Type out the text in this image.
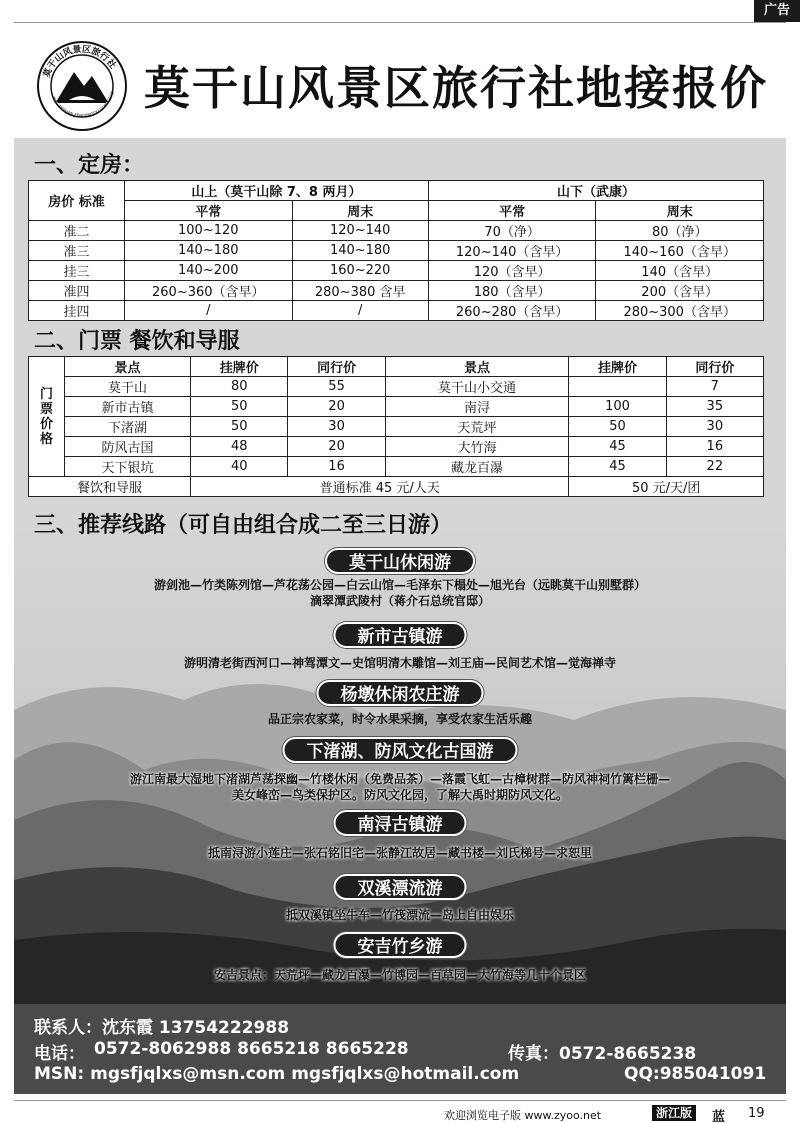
广告
莫干山风景区旅行社
MOGANSHAN FENGJINGQU LVXINGSHE 莫干山风景区旅行社地接报价
一、定房：
房价 标准	山上（莫干山除 7、8 两月）		山下（武康）	
	平常	周末	平常	周末
准二	100~120	120~140	70（净）	80（净）
准三	140~180	140~180	120~140（含早）	140~160（含早）
挂三	140~200	160~220	120（含早）	140（含早）
准四	260~360（含早）	280~380 含早	180（含早）	200（含早）
挂四	/	/	260~280（含早）	280~300（含早）
二、门票 餐饮和导服
门票价格	景点	挂牌价	同行价	景点	挂牌价	同行价
	莫干山	80	55	莫干山小交通		7
	新市古镇	50	20	南浔	100	35
	下渚湖	50	30	天荒坪	50	30
	防风古国	48	20	大竹海	45	16
	天下银坑	40	16	藏龙百瀑	45	22
餐饮和导服		普通标准 45 元/人天			50 元/天/团	
三、推荐线路（可自由组合成二至三日游）
莫干山休闲游
游剑池—竹类陈列馆—芦花荡公园—白云山馆—毛泽东下榻处—旭光台（远眺莫干山别墅群）
滴翠潭武陵村（蒋介石总统官邸）
新市古镇游
游明清老街西河口—神驾潭文—史馆明清木雕馆—刘王庙—民间艺术馆—觉海禅寺
杨墩休闲农庄游
品正宗农家菜，时令水果采摘，享受农家生活乐趣
下渚湖、防风文化古国游
游江南最大湿地下渚湖芦荡探幽—竹楼休闲（免费品茶）—落霞飞虹—古樟树群—防风神祠竹篱栏栅—
美女峰峦—鸟类保护区。防风文化园，了解大禹时期防风文化。
南浔古镇游
抵南浔游小莲庄—张石铭旧宅—张静江故居—藏书楼—刘氏梯号—求恕里
双溪漂流游
抵双溪镇坐牛车—竹筏漂流—岛上自由娱乐
安吉竹乡游
安吉景点：天荒坪—藏龙百瀑—竹博园—百草园—大竹海等几十个景区
联系人：沈东霞 13754222988
电话： 0572-8062988 8665218 8665228	传真：0572-8665238
MSN: mgsfjqlxs@msn.com mgsfjqlxs@hotmail.com	QQ:985041091
欢迎浏览电子版 www.zyoo.net	浙江版	蓝 19
